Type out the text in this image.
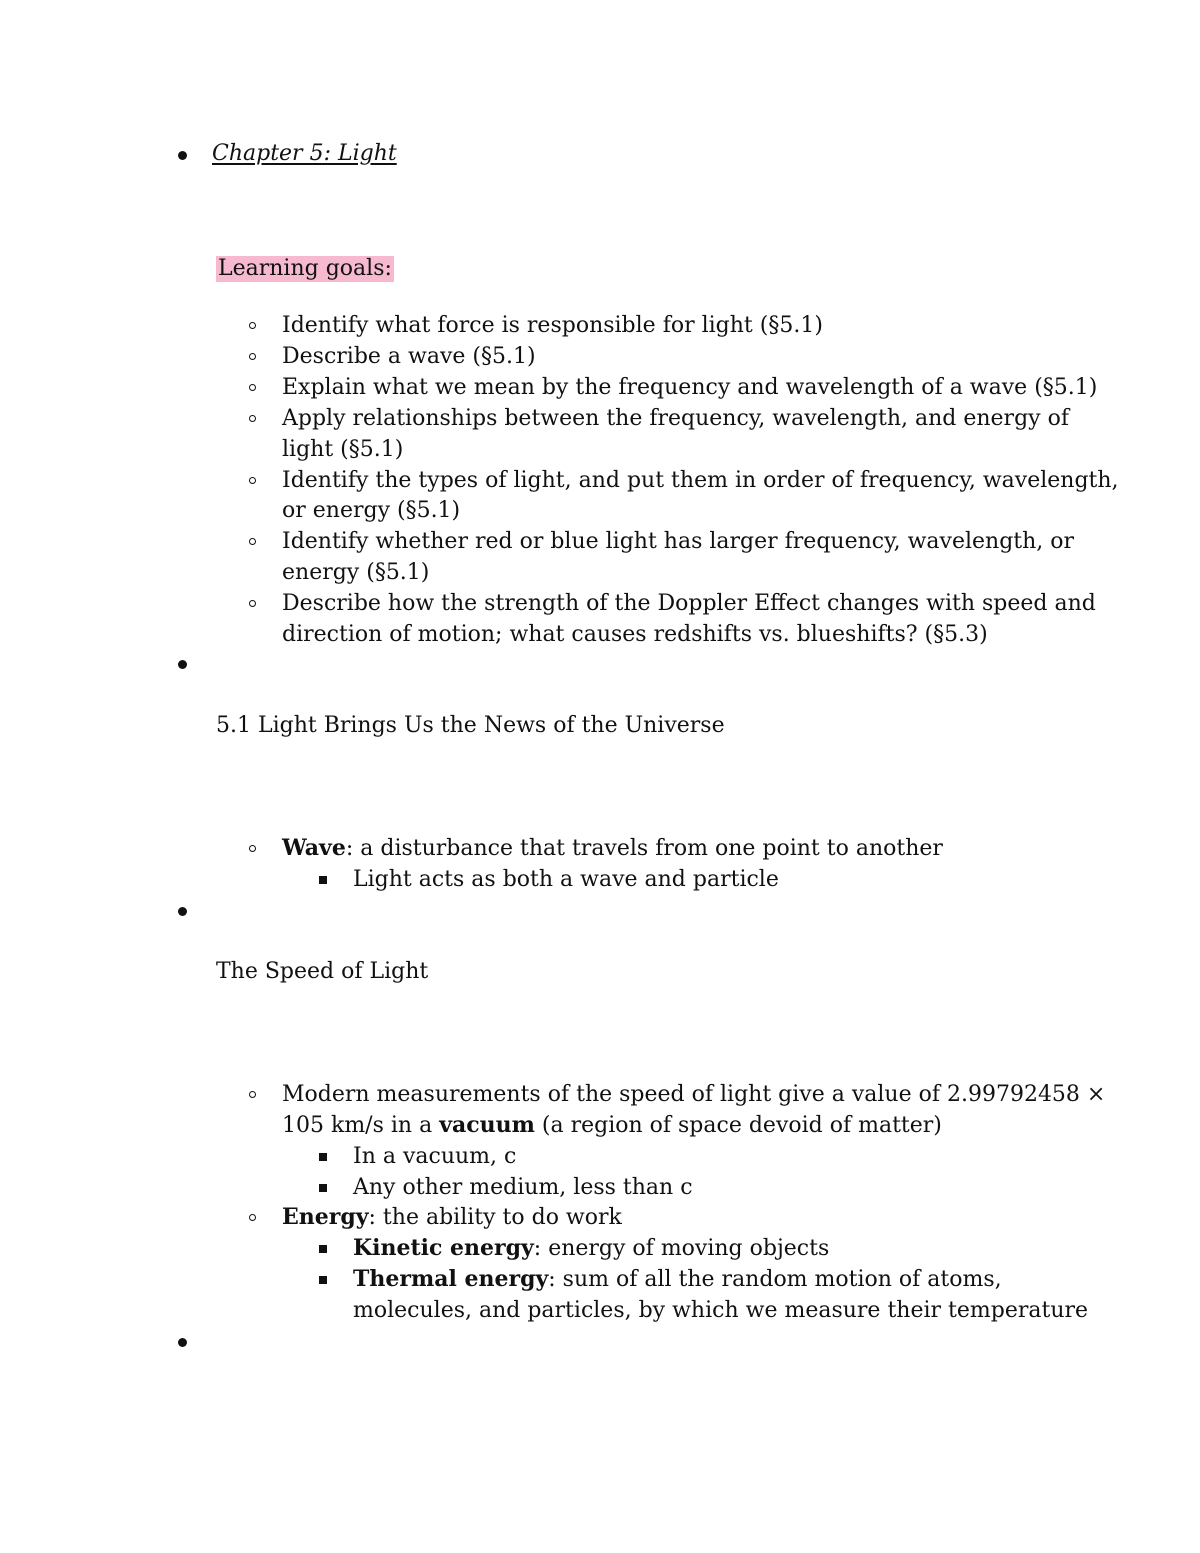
Chapter 5: Light
Learning goals:
Identify what force is responsible for light (§5.1)
Describe a wave (§5.1)
Explain what we mean by the frequency and wavelength of a wave (§5.1)
Apply relationships between the frequency, wavelength, and energy of
light (§5.1)
Identify the types of light, and put them in order of frequency, wavelength,
or energy (§5.1)
Identify whether red or blue light has larger frequency, wavelength, or
energy (§5.1)
Describe how the strength of the Doppler Effect changes with speed and
direction of motion; what causes redshifts vs. blueshifts? (§5.3)
5.1 Light Brings Us the News of the Universe
Wave: a disturbance that travels from one point to another
Light acts as both a wave and particle
The Speed of Light
Modern measurements of the speed of light give a value of 2.99792458 ×
105 km/s in a vacuum (a region of space devoid of matter)
In a vacuum, c
Any other medium, less than c
Energy: the ability to do work
Kinetic energy: energy of moving objects
Thermal energy: sum of all the random motion of atoms,
molecules, and particles, by which we measure their temperature
